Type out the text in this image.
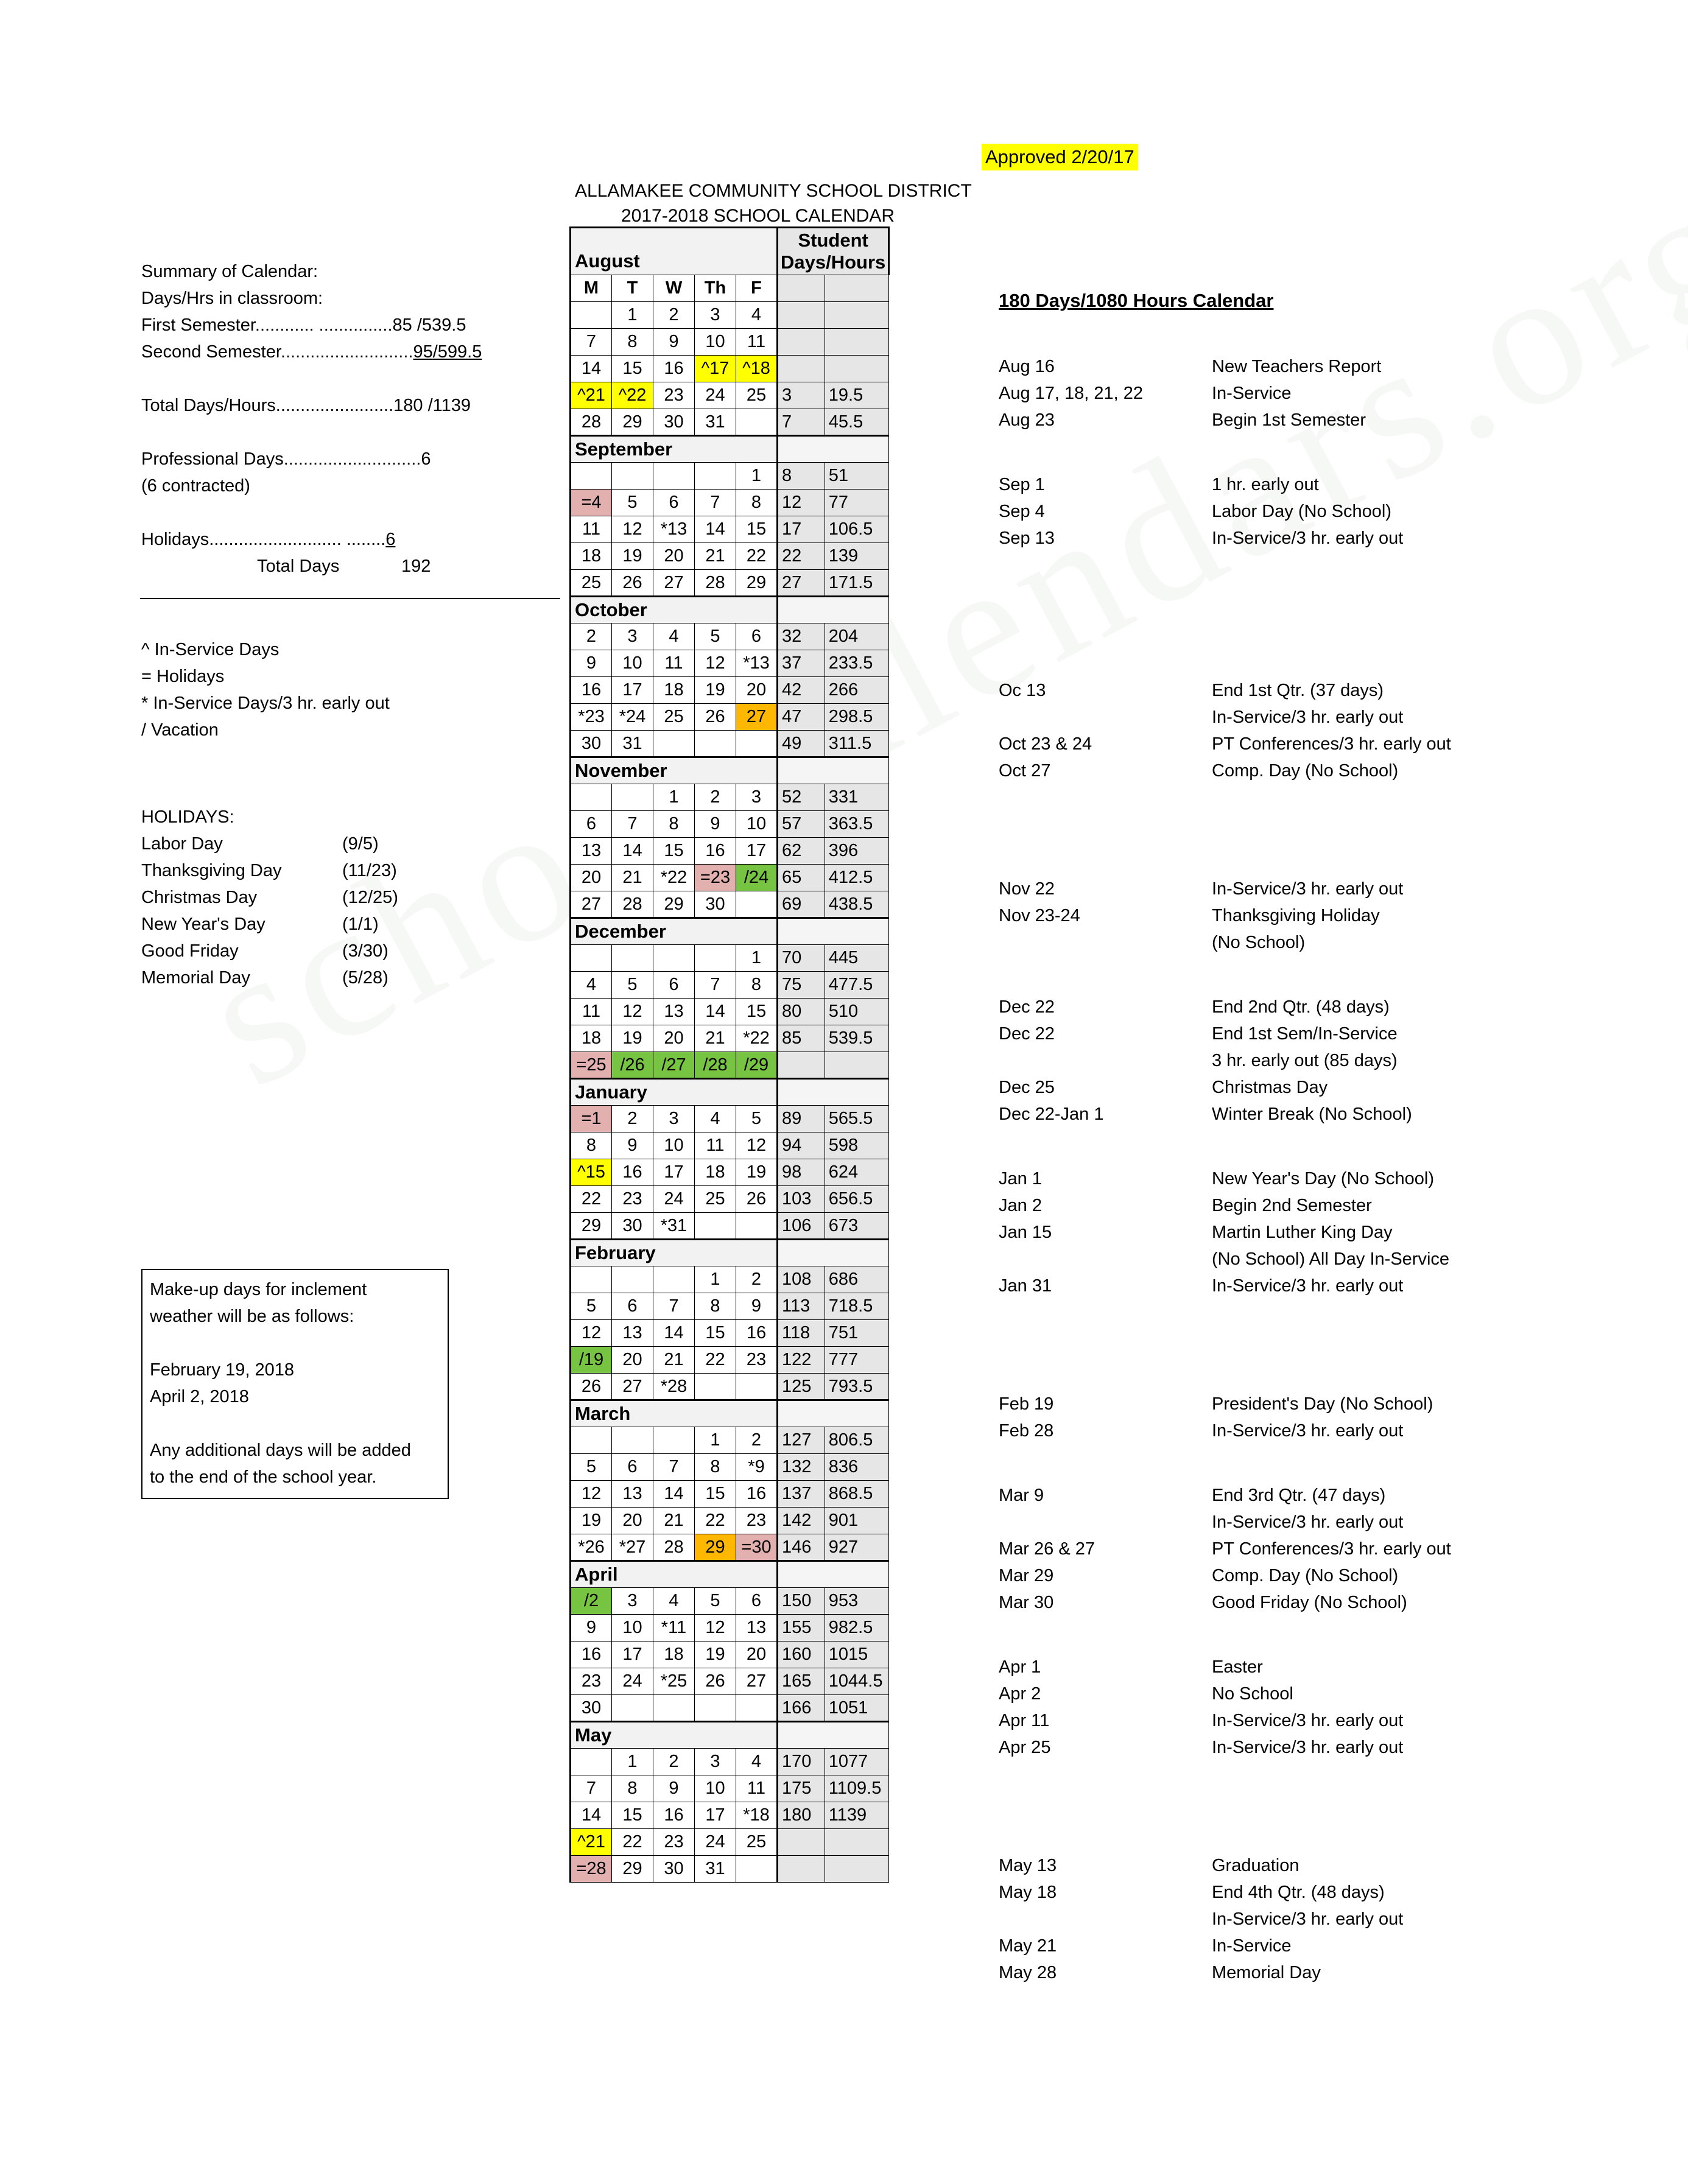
Approved 2/20/17
ALLAMAKEE COMMUNITY SCHOOL DISTRICT
2017-2018 SCHOOL CALENDAR
Summary of Calendar:
Days/Hrs in classroom:
First Semester............ ...............85 /539.5
Second Semester...........................95/599.5
Total Days/Hours........................180 /1139
Professional Days............................6
(6 contracted)
Holidays........................... ........6
Total Days	192
^ In-Service Days
= Holidays
* In-Service Days/3 hr. early out
/ Vacation
HOLIDAYS:
Labor Day	(9/5)
Thanksgiving Day	(11/23)
Christmas Day	(12/25)
New Year's Day	(1/1)
Good Friday	(3/30)
Memorial Day	(5/28)
Make-up days for inclement
weather will be as follows:
February 19, 2018
April 2, 2018
Any additional days will be added
to the end of the school year.
August					Student
Days/Hours	

M	T	W	Th	F		
	1	2	3	4		
7	8	9	10	11		
14	15	16	^17	^18		
^21	^22	23	24	25	3	19.5
28	29	30	31		7	45.5
September						
				1	8	51
=4	5	6	7	8	12	77
11	12	*13	14	15	17	106.5
18	19	20	21	22	22	139
25	26	27	28	29	27	171.5
October						
2	3	4	5	6	32	204
9	10	11	12	*13	37	233.5
16	17	18	19	20	42	266
*23	*24	25	26	27	47	298.5
30	31				49	311.5
November						
		1	2	3	52	331
6	7	8	9	10	57	363.5
13	14	15	16	17	62	396
20	21	*22	=23	/24	65	412.5
27	28	29	30		69	438.5
December						
				1	70	445
4	5	6	7	8	75	477.5
11	12	13	14	15	80	510
18	19	20	21	*22	85	539.5
=25	/26	/27	/28	/29		
January						
=1	2	3	4	5	89	565.5
8	9	10	11	12	94	598
^15	16	17	18	19	98	624
22	23	24	25	26	103	656.5
29	30	*31			106	673
February						
			1	2	108	686
5	6	7	8	9	113	718.5
12	13	14	15	16	118	751
/19	20	21	22	23	122	777
26	27	*28			125	793.5
March						
			1	2	127	806.5
5	6	7	8	*9	132	836
12	13	14	15	16	137	868.5
19	20	21	22	23	142	901
*26	*27	28	29	=30	146	927
April						
/2	3	4	5	6	150	953
9	10	*11	12	13	155	982.5
16	17	18	19	20	160	1015
23	24	*25	26	27	165	1044.5
30					166	1051
May						
	1	2	3	4	170	1077
7	8	9	10	11	175	1109.5
14	15	16	17	*18	180	1139
^21	22	23	24	25		
=28	29	30	31			
180 Days/1080 Hours Calendar
Aug 16	New Teachers Report
Aug 17, 18, 21, 22	In-Service
Aug 23	Begin 1st Semester
Sep 1	1 hr. early out
Sep 4	Labor Day (No School)
Sep 13	In-Service/3 hr. early out
Oc 13	End 1st Qtr. (37 days)
In-Service/3 hr. early out
Oct 23 & 24	PT Conferences/3 hr. early out
Oct 27	Comp. Day (No School)
Nov 22	In-Service/3 hr. early out
Nov 23-24	Thanksgiving Holiday
(No School)
Dec 22	End 2nd Qtr. (48 days)
Dec 22	End 1st Sem/In-Service
3 hr. early out (85 days)
Dec 25	Christmas Day
Dec 22-Jan 1	Winter Break (No School)
Jan 1	New Year's Day (No School)
Jan 2	Begin 2nd Semester
Jan 15	Martin Luther King Day
(No School) All Day In-Service
Jan 31	In-Service/3 hr. early out
Feb 19	President's Day (No School)
Feb 28	In-Service/3 hr. early out
Mar 9	End 3rd Qtr. (47 days)
In-Service/3 hr. early out
Mar 26 & 27	PT Conferences/3 hr. early out
Mar 29	Comp. Day (No School)
Mar 30	Good Friday (No School)
Apr 1	Easter
Apr 2	No School
Apr 11	In-Service/3 hr. early out
Apr 25	In-Service/3 hr. early out
May 13	Graduation
May 18	End 4th Qtr. (48 days)
In-Service/3 hr. early out
May 21	In-Service
May 28	Memorial Day
